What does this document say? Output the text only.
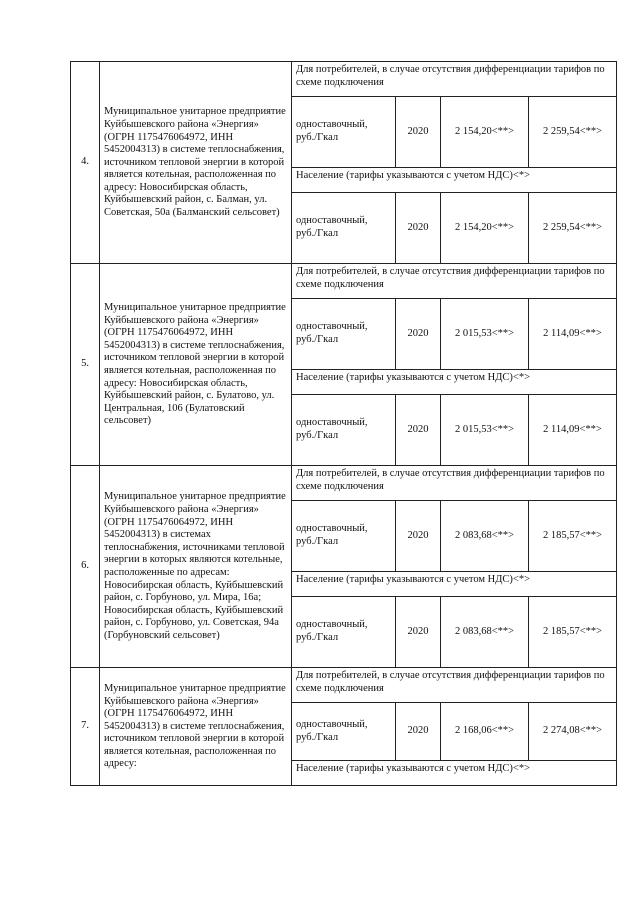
4.	Муниципальное унитарное предприятие Куйбышевского района «Энергия» (ОГРН 1175476064972, ИНН 5452004313) в системе теплоснабжения, источником тепловой энергии в которой является котельная, расположенная по адресу: Новосибирская область, Куйбышевский район, с. Балман, ул. Советская, 50а (Балманский сельсовет)	Для потребителей, в случае отсутствия дифференциации тарифов по схеме подключения			
		одноставочный, руб./Гкал	2020	2 154,20<**>	2 259,54<**>
		Население (тарифы указываются с учетом НДС)<*>			
		одноставочный, руб./Гкал	2020	2 154,20<**>	2 259,54<**>
5.	Муниципальное унитарное предприятие Куйбышевского района «Энергия» (ОГРН 1175476064972, ИНН 5452004313) в системе теплоснабжения, источником тепловой энергии в которой является котельная, расположенная по адресу: Новосибирская область, Куйбышевский район, с. Булатово, ул. Центральная, 106 (Булатовский сельсовет)	Для потребителей, в случае отсутствия дифференциации тарифов по схеме подключения			
		одноставочный, руб./Гкал	2020	2 015,53<**>	2 114,09<**>
		Население (тарифы указываются с учетом НДС)<*>			
		одноставочный, руб./Гкал	2020	2 015,53<**>	2 114,09<**>
6.	Муниципальное унитарное предприятие Куйбышевского района «Энергия» (ОГРН 1175476064972, ИНН 5452004313) в системах теплоснабжения, источниками тепловой энергии в которых являются котельные, расположенные по адресам: Новосибирская область, Куйбышевский район, с. Горбуново, ул. Мира, 16а; Новосибирская область, Куйбышевский район, с. Горбуново, ул. Советская, 94а (Горбуновский сельсовет)	Для потребителей, в случае отсутствия дифференциации тарифов по схеме подключения			
		одноставочный, руб./Гкал	2020	2 083,68<**>	2 185,57<**>
		Население (тарифы указываются с учетом НДС)<*>			
		одноставочный, руб./Гкал	2020	2 083,68<**>	2 185,57<**>
7.	Муниципальное унитарное предприятие Куйбышевского района «Энергия» (ОГРН 1175476064972, ИНН 5452004313) в системе теплоснабжения, источником тепловой энергии в которой является котельная, расположенная по адресу:	Для потребителей, в случае отсутствия дифференциации тарифов по схеме подключения			
		одноставочный, руб./Гкал	2020	2 168,06<**>	2 274,08<**>
		Население (тарифы указываются с учетом НДС)<*>			
